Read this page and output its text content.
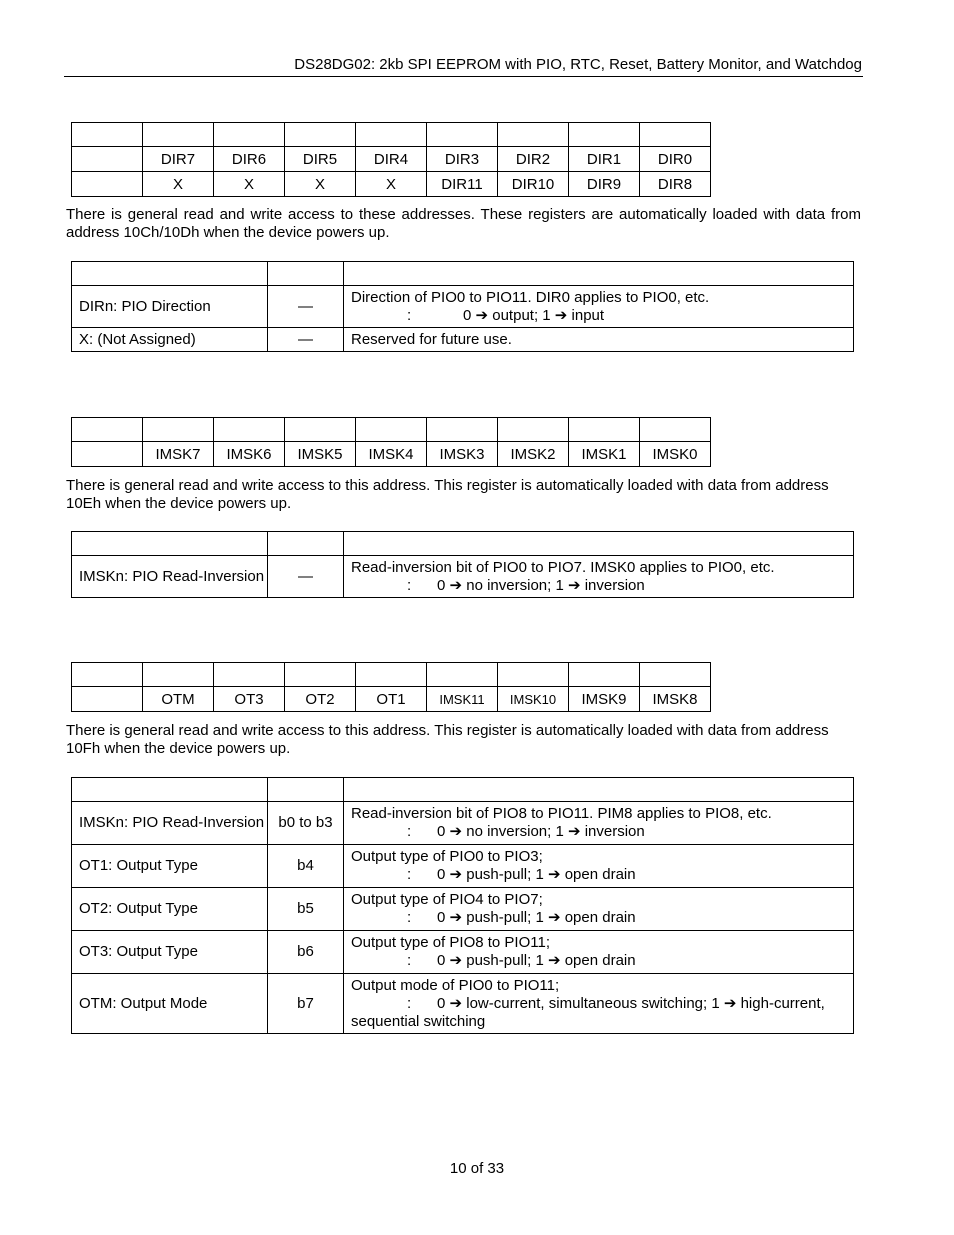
DS28DG02: 2kb SPI EEPROM with PIO, RTC, Reset, Battery Monitor, and Watchdog

	DIR7	DIR6	DIR5	DIR4	DIR3	DIR2	DIR1	DIR0
	X	X	X	X	DIR11	DIR10	DIR9	DIR8

There is general read and write access to these addresses. These registers are automatically loaded with data from address 10Ch/10Dh when the device powers up.

DIRn: PIO Direction	—	Direction of PIO0 to PIO11. DIR0 applies to PIO0, etc.
: 0 ➔ output; 1 ➔ input

X: (Not Assigned)	—	Reserved for future use.

	IMSK7	IMSK6	IMSK5	IMSK4	IMSK3	IMSK2	IMSK1	IMSK0

There is general read and write access to this address. This register is automatically loaded with data from address 10Eh when the device powers up.

IMSKn: PIO Read-Inversion	—	Read-inversion bit of PIO0 to PIO7. IMSK0 applies to PIO0, etc.
: 0 ➔ no inversion; 1 ➔ inversion

	OTM	OT3	OT2	OT1	IMSK11	IMSK10	IMSK9	IMSK8

There is general read and write access to this address. This register is automatically loaded with data from address 10Fh when the device powers up.

IMSKn: PIO Read-Inversion	b0 to b3	Read-inversion bit of PIO8 to PIO11. PIM8 applies to PIO8, etc.
: 0 ➔ no inversion; 1 ➔ inversion

OT1: Output Type	b4	Output type of PIO0 to PIO3;
: 0 ➔ push-pull; 1 ➔ open drain

OT2: Output Type	b5	Output type of PIO4 to PIO7;
: 0 ➔ push-pull; 1 ➔ open drain

OT3: Output Type	b6	Output type of PIO8 to PIO11;
: 0 ➔ push-pull; 1 ➔ open drain

OTM: Output Mode	b7	Output mode of PIO0 to PIO11;
: 0 ➔ low-current, simultaneous switching; 1 ➔ high-current,
sequential switching
10 of 33
